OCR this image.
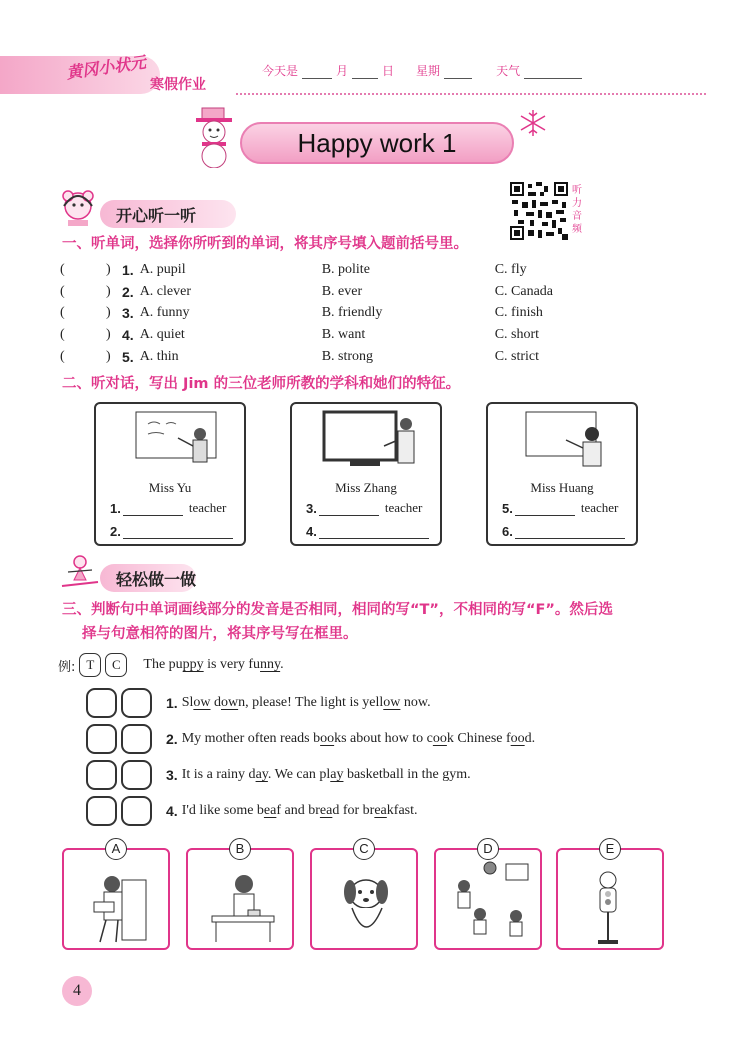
黄冈小状元
寒假作业
今天是	月	日 星期	天气
Happy work 1
开心听一听
听力音频
一、听单词，选择你所听到的单词，将其序号填入题前括号里。
(	) 1. A. pupil	B. polite	C. fly
(	) 2. A. clever	B. ever	C. Canada
(	) 3. A. funny	B. friendly	C. finish
(	) 4. A. quiet	B. want	C. short
(	) 5. A. thin	B. strong	C. strict
二、听对话，写出 Jim 的三位老师所教的学科和她们的特征。
Miss Yu
1.	teacher
2.
Miss Zhang
3.	teacher
4.
Miss Huang
5.	teacher
6.
轻松做一做
三、判断句中单词画线部分的发音是否相同，相同的写“T”，不相同的写“F”。然后选
择与句意相符的图片，将其序号写在框里。
例: T	C	The puppy is very funny.
1. Slow down, please! The light is yellow now.
2. My mother often reads books about how to cook Chinese food.
3. It is a rainy day. We can play basketball in the gym.
4. I'd like some beaf and bread for breakfast.
A	B	C	D	E
4
